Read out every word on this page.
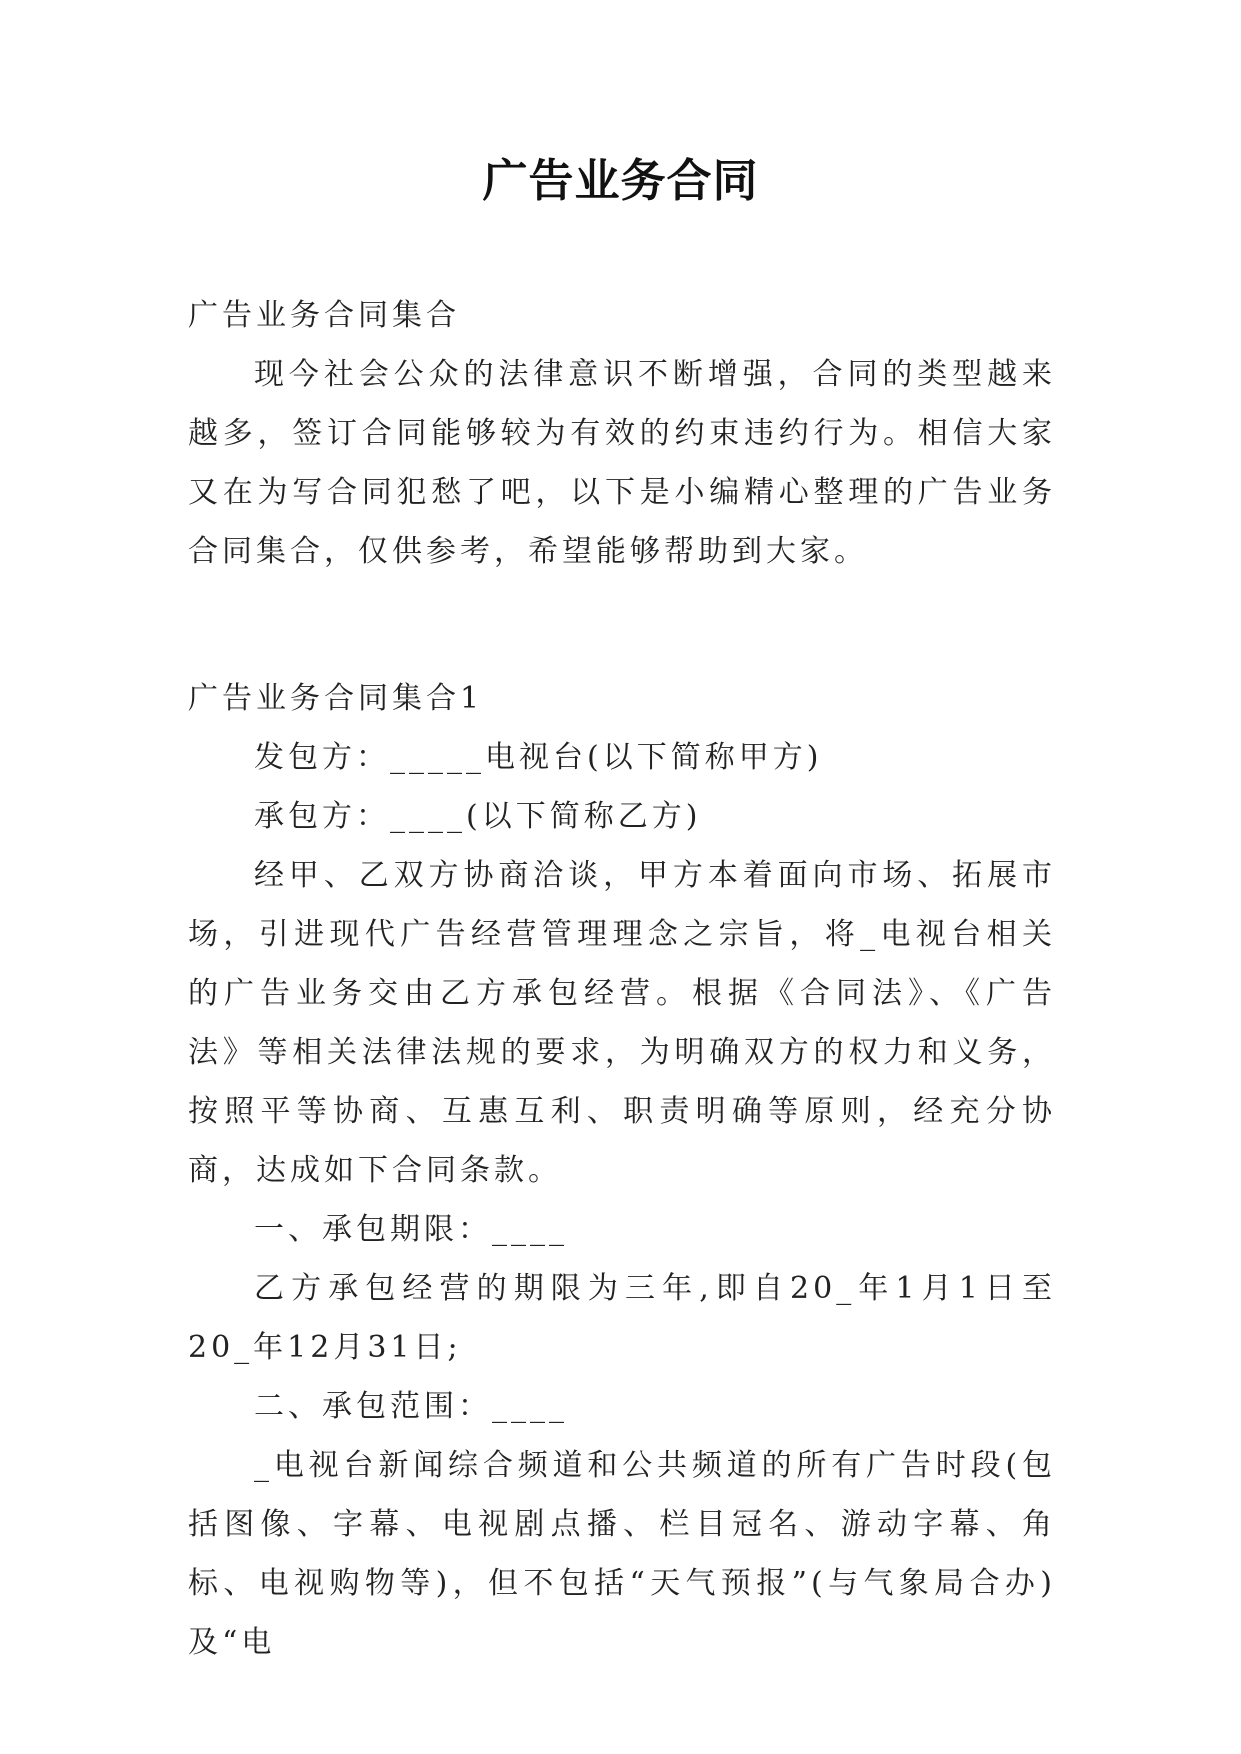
广告业务合同

广告业务合同集合

现今社会公众的法律意识不断增强，合同的类型越来越多，签订合同能够较为有效的约束违约行为。相信大家又在为写合同犯愁了吧，以下是小编精心整理的广告业务合同集合，仅供参考，希望能够帮助到大家。

广告业务合同集合1

发包方：_____电视台(以下简称甲方)

承包方：____(以下简称乙方)

经甲、乙双方协商洽谈，甲方本着面向市场、拓展市场，引进现代广告经营管理理念之宗旨，将_电视台相关的广告业务交由乙方承包经营。根据《合同法》、《广告法》等相关法律法规的要求，为明确双方的权力和义务，按照平等协商、互惠互利、职责明确等原则，经充分协商，达成如下合同条款。

一、承包期限：____

乙方承包经营的期限为三年,即自20_年1月1日至20_年12月31日;

二、承包范围：____

_电视台新闻综合频道和公共频道的所有广告时段(包括图像、字幕、电视剧点播、栏目冠名、游动字幕、角标、电视购物等)，但不包括“天气预报”(与气象局合办)及“电
